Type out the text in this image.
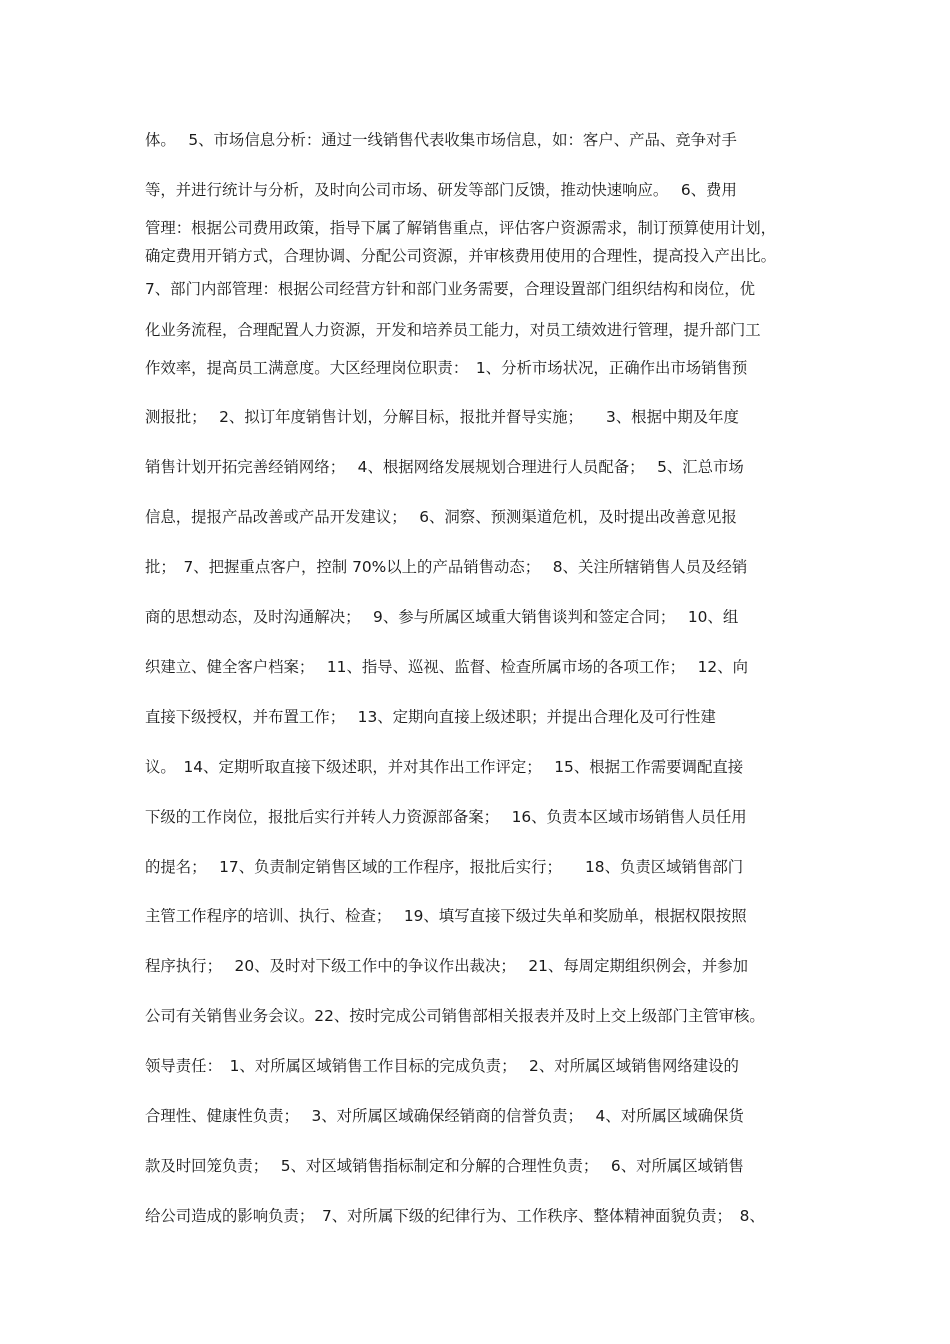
体。　 5、市场信息分析：通过一线销售代表收集市场信息，如：客户、产品、竞争对手
等，并进行统计与分析，及时向公司市场、研发等部门反馈，推动快速响应。　 6、费用
管理：根据公司费用政策，指导下属了解销售重点，评估客户资源需求，制订预算使用计划，
确定费用开销方式，合理协调、分配公司资源，并审核费用使用的合理性，提高投入产出比。
7、部门内部管理：根据公司经营方针和部门业务需要，合理设置部门组织结构和岗位，优
化业务流程，合理配置人力资源，开发和培养员工能力，对员工绩效进行管理，提升部门工
作效率，提高员工满意度。大区经理岗位职责：　1、分析市场状况，正确作出市场销售预
测报批；　 2、拟订年度销售计划，分解目标，报批并督导实施；　　3、根据中期及年度
销售计划开拓完善经销网络；　 4、根据网络发展规划合理进行人员配备；　 5、汇总市场
信息，提报产品改善或产品开发建议；　 6、洞察、预测渠道危机，及时提出改善意见报
批；　7、把握重点客户，控制 70%以上的产品销售动态；　 8、关注所辖销售人员及经销
商的思想动态，及时沟通解决；　 9、参与所属区域重大销售谈判和签定合同；　 10、组
织建立、健全客户档案；　 11、指导、巡视、监督、检查所属市场的各项工作；　 12、向
直接下级授权，并布置工作；　 13、定期向直接上级述职；并提出合理化及可行性建
议。　14、定期听取直接下级述职，并对其作出工作评定；　 15、根据工作需要调配直接
下级的工作岗位，报批后实行并转人力资源部备案；　 16、负责本区域市场销售人员任用
的提名；　 17、负责制定销售区域的工作程序，报批后实行；　　18、负责区域销售部门
主管工作程序的培训、执行、检查；　 19、填写直接下级过失单和奖励单，根据权限按照
程序执行；　 20、及时对下级工作中的争议作出裁决；　 21、每周定期组织例会，并参加
公司有关销售业务会议。22、按时完成公司销售部相关报表并及时上交上级部门主管审核。
领导责任：　1、对所属区域销售工作目标的完成负责；　 2、对所属区域销售网络建设的
合理性、健康性负责；　 3、对所属区域确保经销商的信誉负责；　 4、对所属区域确保货
款及时回笼负责；　 5、对区域销售指标制定和分解的合理性负责；　 6、对所属区域销售
给公司造成的影响负责；　7、对所属下级的纪律行为、工作秩序、整体精神面貌负责；　8、
